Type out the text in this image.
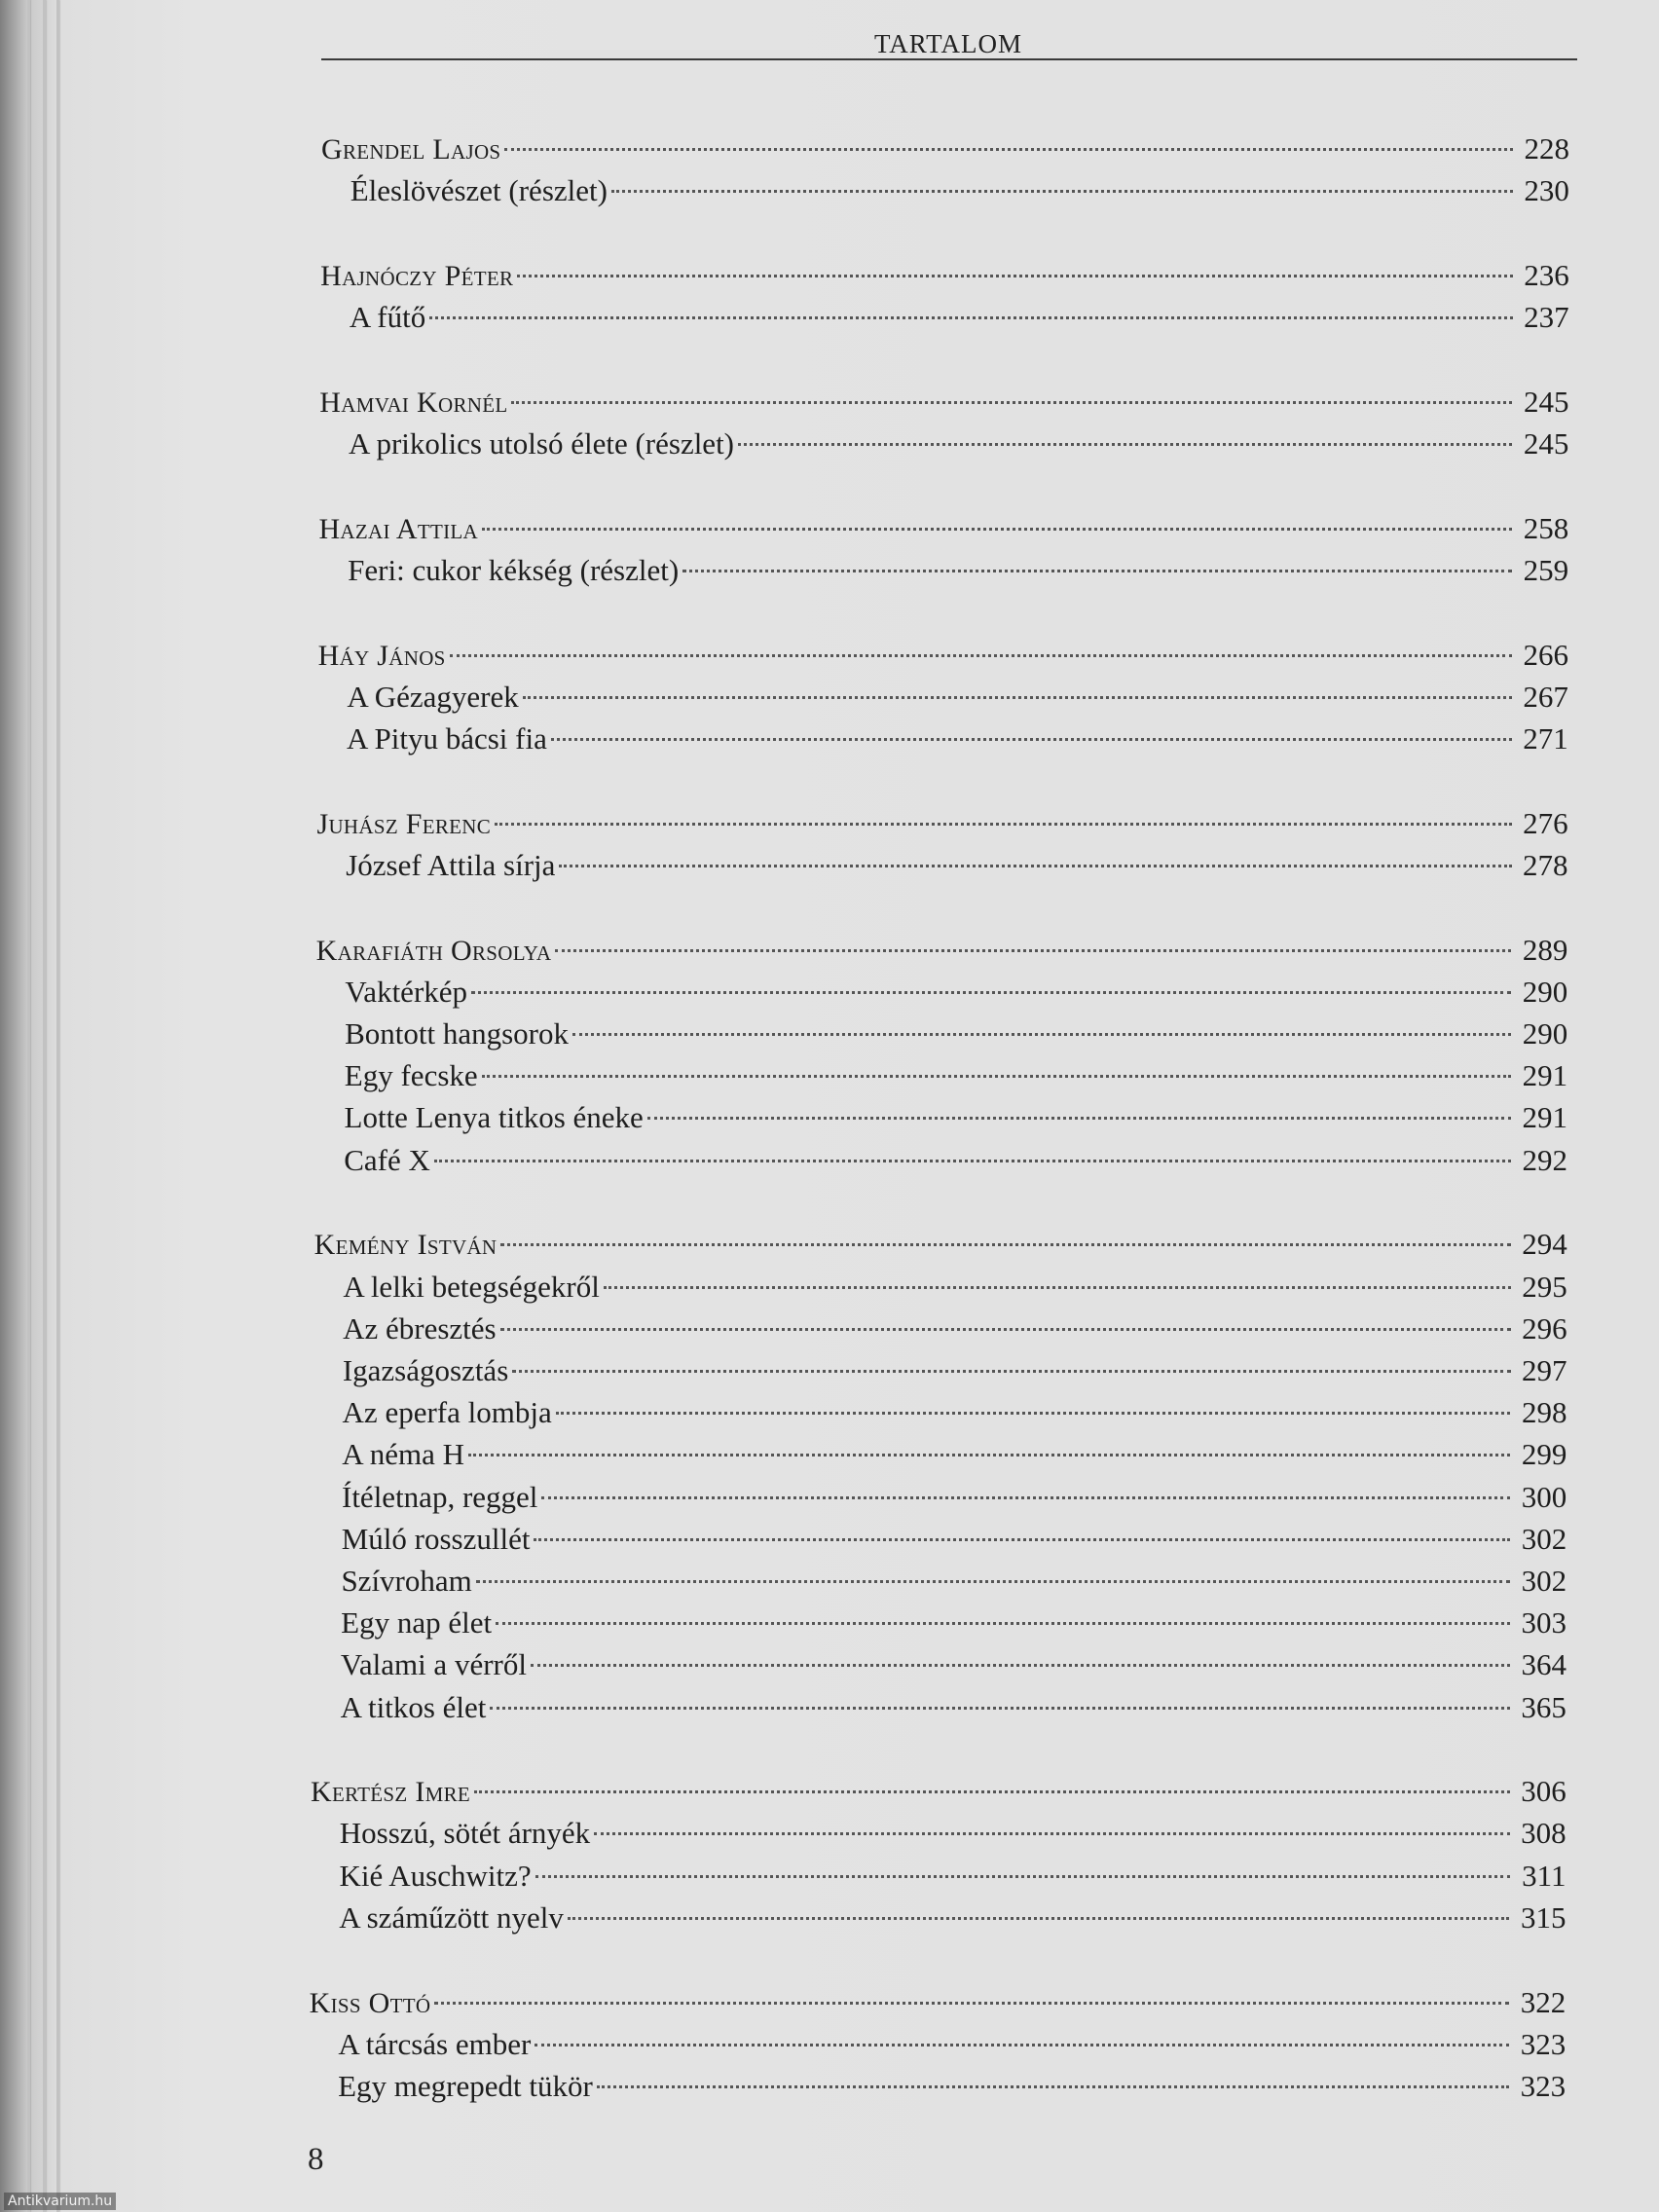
TARTALOM
Grendel Lajos	228
Éleslövészet (részlet)	230
Hajnóczy Péter	236
A fűtő	237
Hamvai Kornél	245
A prikolics utolsó élete (részlet)	245
Hazai Attila	258
Feri: cukor kékség (részlet)	259
Háy János	266
A Gézagyerek	267
A Pityu bácsi fia	271
Juhász Ferenc	276
József Attila sírja	278
Karafiáth Orsolya	289
Vaktérkép	290
Bontott hangsorok	290
Egy fecske	291
Lotte Lenya titkos éneke	291
Café X	292
Kemény István	294
A lelki betegségekről	295
Az ébresztés	296
Igazságosztás	297
Az eperfa lombja	298
A néma H	299
Ítéletnap, reggel	300
Múló rosszullét	302
Szívroham	302
Egy nap élet	303
Valami a vérről	364
A titkos élet	365
Kertész Imre	306
Hosszú, sötét árnyék	308
Kié Auschwitz?	311
A száműzött nyelv	315
Kiss Ottó	322
A tárcsás ember	323
Egy megrepedt tükör	323
8
Antikvarium.hu
